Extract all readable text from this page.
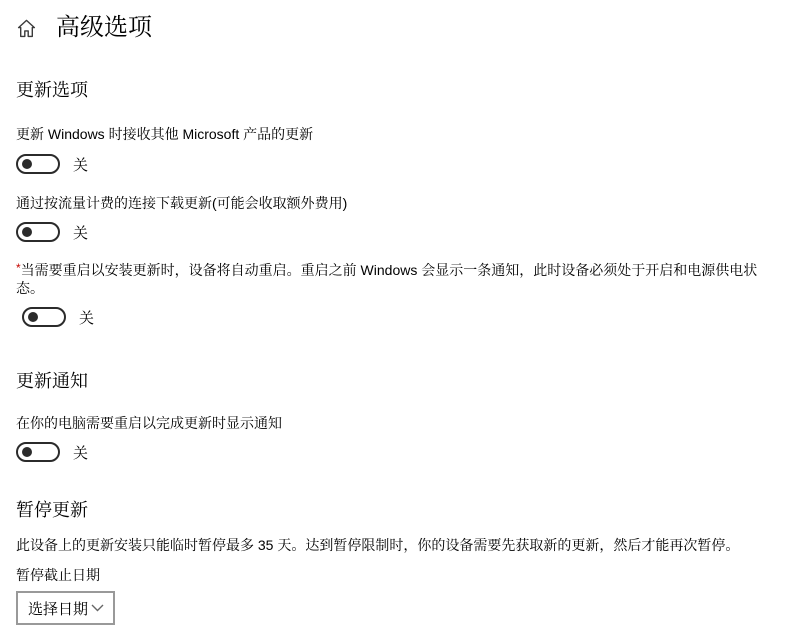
高级选项
更新选项

更新 Windows 时接收其他 Microsoft 产品的更新

关

通过按流量计费的连接下载更新(可能会收取额外费用)

关

*当需要重启以安装更新时，设备将自动重启。重启之前 Windows 会显示一条通知，此时设备必须处于开启和电源供电状态。

关
更新通知

在你的电脑需要重启以完成更新时显示通知

关
暂停更新

此设备上的更新安装只能临时暂停最多 35 天。达到暂停限制时，你的设备需要先获取新的更新，然后才能再次暂停。

暂停截止日期

选择日期
